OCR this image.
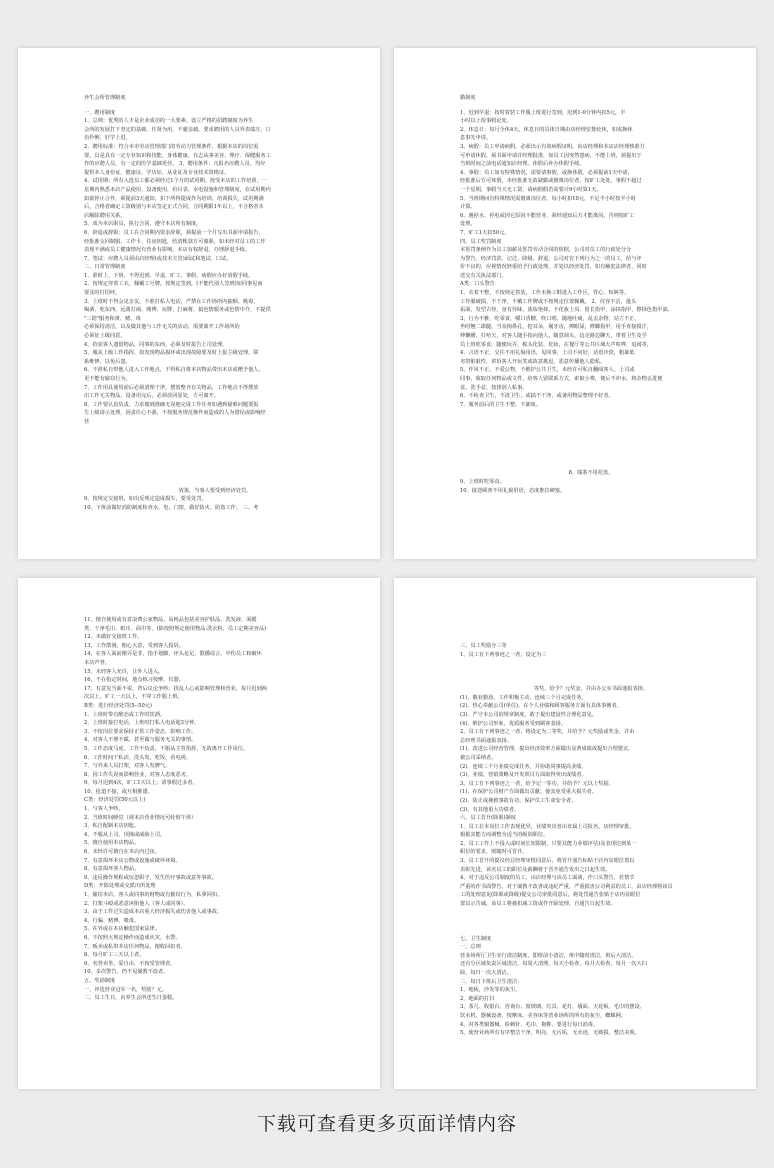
养生会所管理制度
一、聘用制度
1、总则：优秀的人才是企业成功的一大要素。设立严格的招聘制度为养生
会所的发展打下坚定的基础，任贤为用，不避亲疏，要求聘用的人员外表端庄，口
齿伶俐，好学上进。
2、聘用标准：符合本市劳动管理部门的劳动力管理条件，根据本店的岗位需
要，具是具有一定专业知识和技能，身体健康，有志从事美容、理疗、保健服务工
作的应聘人员，有一定的医学基础更佳。 3、聘用条件：凡报名应聘人员，均应
提供本人身份证，健康证，学历证，从业证及专业技术资格证。
4、试用期：所有入选员工都必须经过1个月的试用期，按受本店的工作培训，一
星期内熟悉本店产品使用、设备使用，价目表、水电设施和管理制度，在试用期内
如欲停止合作，须提前3天通知，扣下所得提成作为培训、培训损失，试用期满
后，合格者确定工资级别与本店签定正式合同，合同期限1年以上，不合格者本
店解除聘用关系。
5、成为本店职员，执行合同，遵守本店所有制度。
6、辞退或辞职：员工在合同期内要求辞职，须提前一个月写出书面申请报告，
经批准交回制服、工作卡、住房钥匙，结清帐款方可离职，如未经对员工的工作
表现不满或员工健康情况有营业有影响，本店有权辞退，办理辞退手续。
7、笔试：应聘人员须由店经理(或技术主管)面试和笔试、口试。
二、日常管理制度
1、准时上、下班，不得迟到、早退、旷工、事假、病假应办好请假手续。
2、按规定穿着工衣，佩戴工号牌，按规定签到，(不能代别人签到)如同事见而
要及时打招呼。
3、上班时不得会见亲友，不准打私人电话，严禁在工作场所内抽烟、吸毒、
喝酒、吃东西，远离打闹、赌博、玩牌、打麻将，搞色情服务或色情中介，不提供
"三陪"服务和黄、赌、毒
必须保持清洁，以及做其他与工作无关的活动，需要离开工作场所的
必须征上级同意。
4、拾获客人遗留物品，同事的东西，必须及时报告上司处理。
5、服从上级工作指挥，如发现物品损坏或出现故障要及时上报主级处理，联
系维修，以免后患。
6、不准私自带他人进入工作地点，不得私自将本店物品带出本店或赠予他人，
更不能有偷窃行为。
7、工作用具使用前后必须清理干净，摆放整齐有关物品，工作地点不得摆放
出工作无关物品，设备用完后，必须放回原处，方可离开。
8、工作要认真负责，力求做到准确无误地完成工作任务如遇到疑难问题要报
告上级请示处理，因责任心不强，不按服务规范操作而造成的人为错误或影响经
营
效果，当事人要受到经济处罚。
9、按规定交接班，如出反规定造成损失，要受处罚。
10、下班前做好消防制度检查水、电、门窗，做好防火、防盗工作。 三、考
勤制度
1、迟到早退：按时着装工作服上班进行签到，迟到1-0分钟内扣5元，半
小时以上按事假论处。
2、休息日：每月全休4天，休息日的具体日期由店经理安排轮休，如需换休
息事先申请。
3、病假：员工申请病假，必须出示有效病假证明，由店经理和本店店经理核准方
可申请休假，须书面申请并经理批准，如员工因突然患病，不能上班，须提出于
当班时间之前电话通知店经理。休假后补办休假手续。
4、事假：员工如有特殊情况，需要请事假，或换休假，必须提前1天申请，
经批准后方可休假，未经批准无故缺勤或擅离岗位者，按旷工处处，事假不超过
一个星期，事假当天无工资，请病假假若需要计9小时算1天。
5、当班期间有特殊情况需擅离岗位者，每小时扣10元，不足半小时按半小时
计算。
6、遇停水、停电或因它原因不能营业，须经通知后方才能离岗，否则按旷工
处理。
7、旷工1天扣50元。
四、员工奖罚制度
本惩罚条例作为员工加薪及惩罚劳动合同的依据，公司对员工的行政处分分
为警告、经济罚款、记过、降级、辞退，公司对有下列行为之一的员工，给与评
价不良的，应视情况轻重给予行政处理，并处以经济处罚，如有触犯法律者，同时
送交有关执法部门。
A类：口头警告
1、衣着不整，不按规定着装，工作未换工鞋进入工作区，背心、短裤等，
工作服破损、不干净，不戴工作牌或不按规定位置佩戴。 2、仪容不洁，蓬头
垢面，发型古怪，身有异味，浓妆艳抹，不化妆上岗、留长指甲，涂抹指甲、擦抹色指甲油。
3、行为不雅，吃零食，嚼口香糖，吹口哨，随地吐痰，乱丢杂物，站立不正，
坐时翘二郎腿，当众掏鼻孔，挖耳朵，剔牙齿，擦眼屎，修脚指甲，用手直接摸汗，
伸懒腰，打哈欠，对客人随手指向他人，随意调头，边走路边聊天，带着卫生及学
员上班吃零食，随便玩弄，梳头化装、化妆，在餐厅等公共区域大声喧哗、追闹等，
4、言语不正，交往不用礼貌用语，见同事，上司不问好，话语冷淡，粗暴低
劣带脏脏性，讲诉客人开玩笑或故意挑逗，恶意传播他人隐私。
5、作风不正，不爱公物，不维护公共卫生，未经许可私自翻阅客人、上司或
同事，收取任何物品或文件，给客人留联系方式，索取小费，便后不冲水，将杂物丢进便
盆，洗手盆，按排别人私事。
6、不检查卫生，不清卫生，或搞不干净，或备用物品整理不好者。
7、服务前后的卫生不整，不卸妆。
8、端茶不用托盘。
9、上班时吃零食。
10、接送顾客不用礼貌用语，态度推拉硬塞。
11、擅自使用或有意浪费公家物品，易耗品包括美容护肤品、洗发液、面膜
类、干净毛巾、纸巾、面巾等。(除按照规定使用物品:洗衣粉，员工定期美容品)
12、未做好交接班工作。
13、工作散漫，粗心大意，受到客人投诉。
14、在客人面前搬弄是非，指手划脚，评头论足，散播谣言，中伤员工和破坏
本店声誉。
15、未经客人允许，让外人进入。
16、不在指定时间，地点练习按摩，仪器。
17、有意见当面不说，背后议论争吵，扰乱人心或影响管理和营业，每月迟到两
次以上。旷工一天以上，不穿工作服上班。
B类：进行经济处罚(5--50元)
1、上班时带有醉态或工作时饮酒。
2、上班时接打电话，上班时打私人电话超3分钟。
3、不按岗位要求保持正常工作姿态，影响工作。
4、对客人不理不睬，甚至做与服务无关的事情。
5、工作态度马虎，工作不负责，不服从主管指挥，无故离开工作岗位。
6、工作时间干私活、洗头发，吃饭，看电视。
7、与外来人员打架，对客人发脾气。
8、因工作失误而影响营业，对客人态度恶劣。
9、每月迟到4次，旷工1天以上，请事假过多者。
10、抢道不接，或互相推诿。
C类：经济处罚(50元以上)
1、与客人争吵。
2、当值时间睡觉（视本店营业情况可轮值午休）
3、私自配制本店钥匙。
4、不服从上司，顶撞或威胁上司。
5、擅自使用本店物品。
6、未经许可擅自在本店内过夜。
7、有意损坏本店公物或设施或破坏环境。
8、有意损坏客人物品。
9、违反操作规程或玩忽职守，发生医疗事故或意外事故。
D类：开除处理或交派出所处理
1、偷窃本店、客人或同事的财物或有偷窃行为，私拿回扣。
2、打架斗殴或恶意诬陷他人（客人或同事）。
3、由于工作过失造成本店重大经济损失或伤害他人或事故。
4、行骗、赌博、吸毒。
5、在外或在本店触犯国家法律。
6、不按照大规定操作而造成火灾、水警。
7、贩卖或私带本店任何物品，擅收回扣者。
8、每月旷工三天以上者。
9、名誉卖拳，爱自由，不按受管理者。
10、多次警告，仍不见屡教不改者。
五、奖励制度
一、评选营业冠军一名，奖励？元。
二、员工生日，由养生会所送生日蛋糕。
三、员工奖励分三等
1、员工有下列事迹之一者，设定为三
等奖，给予？元奖金，并由办公室书面通报表扬。
(1)、敬业勤恳，工作积极主动，连续三个月完成任务。
(2)、热心奉献公司(单位)，在个人业绩和顾客服务方面有具体事例者。
(3)、严守本公司的规章制度，敢于提出建设性合理化意见。
(4)、维护公司形象，优质服务受到顾客表扬。
2、员工有下列事迹之一者，将设定为二等奖，并给予？元奖励或奖金，并由
总经理书面通报表扬。
(1)、改进公司经营管理，提出经济效率方面做出显著成绩或提出合理建议，
被公司采纳者。
(2)、连续三个月业绩完成任务，并协助同事提高业绩。
(3)、业绩、营销策略及开发项目方面取得突出成绩者。
3、员工有下列事迹之一者，给予记一等功，并给予？元以上奖励。
(1)、在保护公司财产方面做出贡献，使其免受重大损失者。
(2)、防止或挽救事故有功，保护员工生命安全者。
(3)、有其他重大功绩者。
六、员工晋升(降职)制度
1、员工在本岗位工作表现优异，业绩突出者由直属上司报名，店经理审批，
根据其能力而调整为适当的级别职位。
2、员工工作上不投入或时间长短限制，只要其能力业绩评估)及表现达到某一
职位的要求，则随时可晋升。
3、员工晋升的提议经总经理审批同意后，将晋升通告标贴于店内显眼位置以
表彰先进，该名员工的职位及薪酬将于晋升通告发出之日起生效。
4、对于违反公司制度的员工，由店经理与该员工面谈，作口头警告，若情节
严重的作书面警告，对于屡教不改者或违纪严重，严重损害公司利益的员工，由店经理将该员
工的处理意见(降职或降级)提交公司审批同意后，将处罚通告张贴于店内显眼位
置以示告诫，该员工将被扣减工资或作开除处理，自通告日起生效。
七、卫生制度
一、总则
营业场所厅卫生实行清洁制度，即班前小清洁，班中随时清洁，班后大清洁，
还有分区域负责区域清洁，每周大清理，每天小检查，每月大检查，每月一次大扫
除，每日一次大清洁。
二、每日下班后卫生清洁：
1、地板，沙发等的灰尘。
2、地面的打扫
3、茶几、收银台、咨询台、窗玻璃、灯具、花灯、墙面、天花板、毛巾的摆设、
饮水机、器械设备、按摩床、美容床等营业场所的所有的灰尘，蜘蛛网。
4、对各类铜器械、检刺针、毛巾、拖鞋、要进行每日消毒。
5、使营业场所有有序整洁干净，明亮，无污垢，无水迹，无破损，整洁美观。
下载可查看更多页面详情内容
